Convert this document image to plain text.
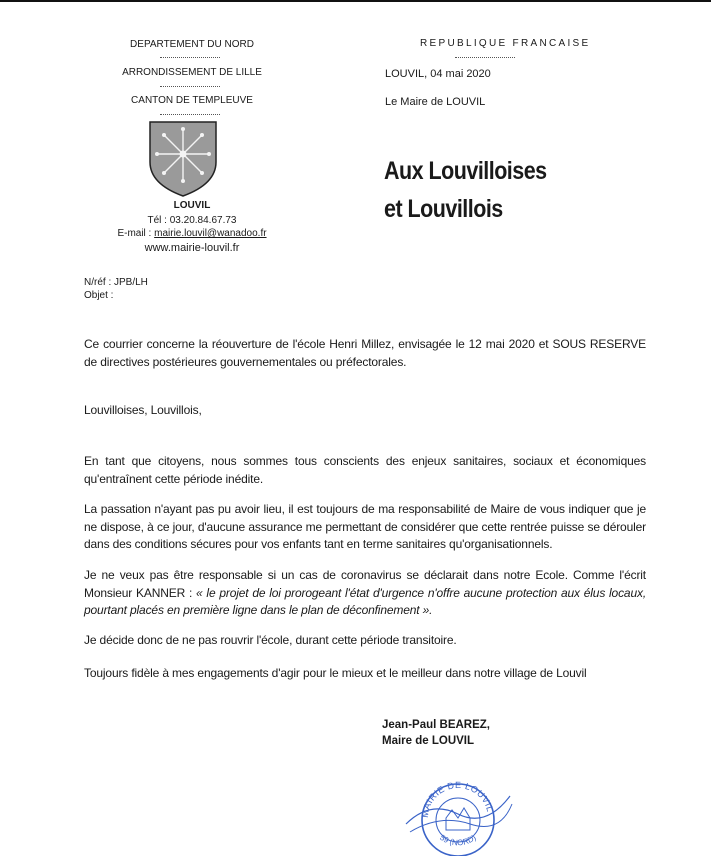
DEPARTEMENT DU NORD
ARRONDISSEMENT DE LILLE
CANTON DE TEMPLEUVE
LOUVIL
Tél : 03.20.84.67.73
E-mail : mairie.louvil@wanadoo.fr
www.mairie-louvil.fr
REPUBLIQUE FRANCAISE
LOUVIL, 04 mai 2020
Le Maire de LOUVIL
Aux Louvilloises
et Louvillois
N/réf : JPB/LH
Objet :
Ce courrier concerne la réouverture de l'école Henri Millez, envisagée le 12 mai 2020 et SOUS RESERVE de directives postérieures gouvernementales ou préfectorales.
Louvilloises, Louvillois,
En tant que citoyens, nous sommes tous conscients des enjeux sanitaires, sociaux et économiques qu'entraînent cette période inédite.
La passation n'ayant pas pu avoir lieu, il est toujours de ma responsabilité de Maire de vous indiquer que je ne dispose, à ce jour, d'aucune assurance me permettant de considérer que cette rentrée puisse se dérouler dans des conditions sécures pour vos enfants tant en terme sanitaires qu'organisationnels.
Je ne veux pas être responsable si un cas de coronavirus se déclarait dans notre Ecole. Comme l'écrit Monsieur KANNER : « le projet de loi prorogeant l'état d'urgence n'offre aucune protection aux élus locaux, pourtant placés en première ligne dans le plan de déconfinement ».
Je décide donc de ne pas rouvrir l'école, durant cette période transitoire.
Toujours fidèle à mes engagements d'agir pour le mieux et le meilleur dans notre village de Louvil
Jean-Paul BEAREZ,
Maire de LOUVIL
MAIRIE DE LOUVIL
59 (NORD)
